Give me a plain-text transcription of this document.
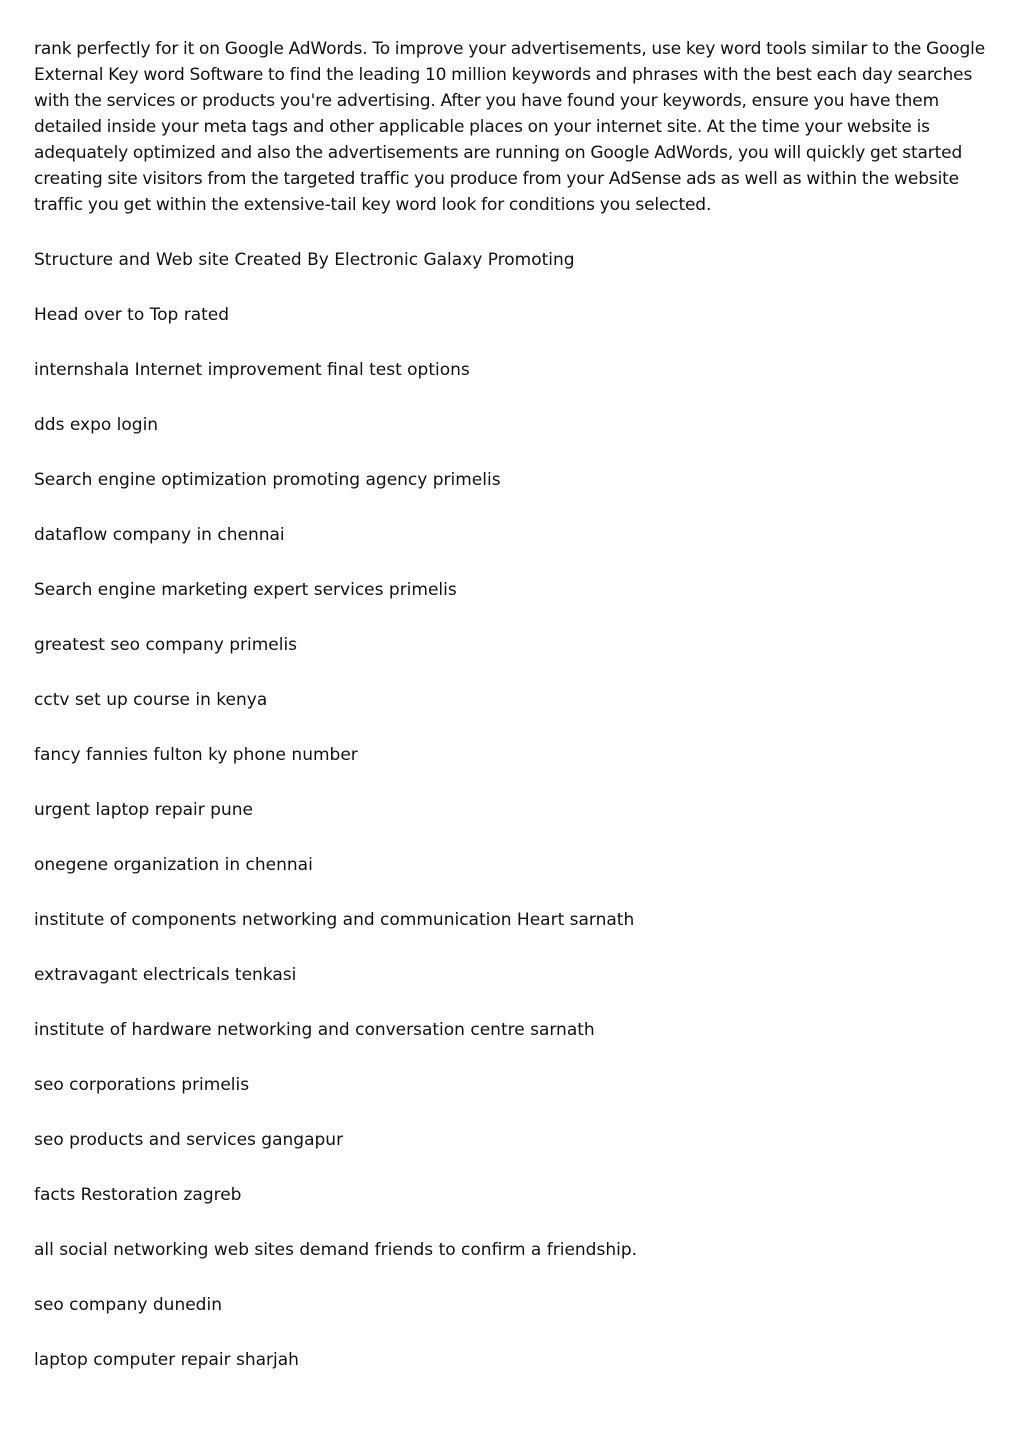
rank perfectly for it on Google AdWords. To improve your advertisements, use key word tools similar to the Google External Key word Software to find the leading 10 million keywords and phrases with the best each day searches with the services or products you're advertising. After you have found your keywords, ensure you have them detailed inside your meta tags and other applicable places on your internet site. At the time your website is adequately optimized and also the advertisements are running on Google AdWords, you will quickly get started creating site visitors from the targeted traffic you produce from your AdSense ads as well as within the website traffic you get within the extensive-tail key word look for conditions you selected.

Structure and Web site Created By Electronic Galaxy Promoting

Head over to Top rated
internshala Internet improvement final test options
dds expo login
Search engine optimization promoting agency primelis
dataflow company in chennai
Search engine marketing expert services primelis
greatest seo company primelis
cctv set up course in kenya
fancy fannies fulton ky phone number
urgent laptop repair pune
onegene organization in chennai
institute of components networking and communication Heart sarnath
extravagant electricals tenkasi
institute of hardware networking and conversation centre sarnath
seo corporations primelis
seo products and services gangapur
facts Restoration zagreb
all social networking web sites demand friends to confirm a friendship.
seo company dunedin
laptop computer repair sharjah
